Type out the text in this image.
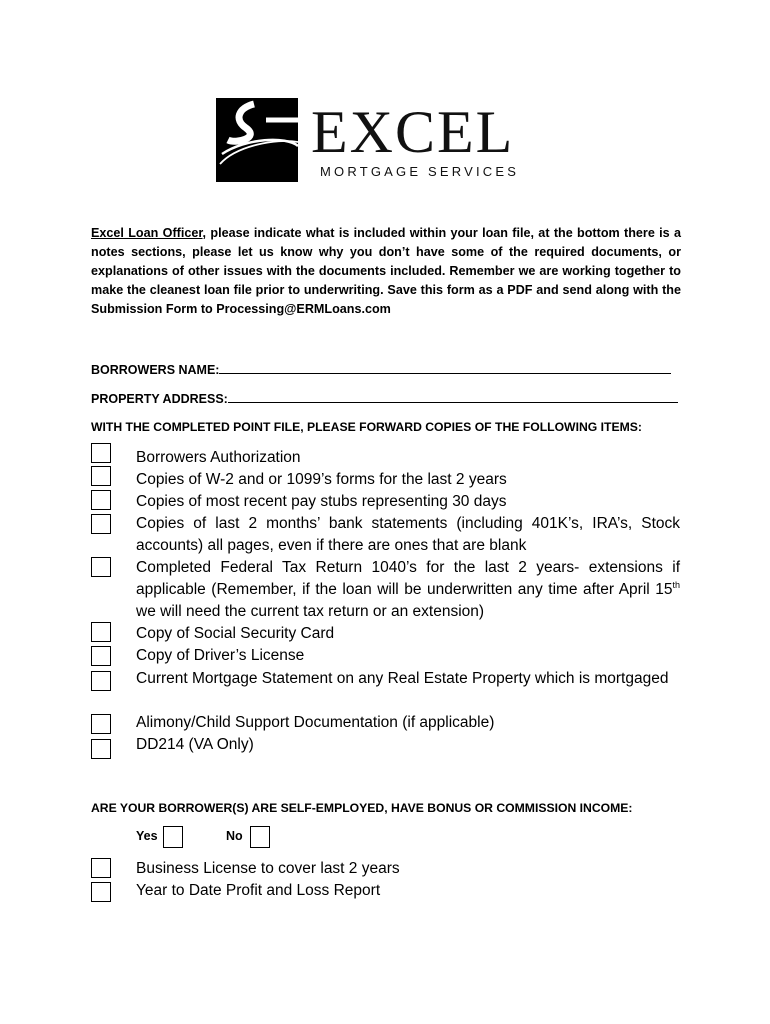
EXCEL
MORTGAGE SERVICES
Excel Loan Officer, please indicate what is included within your loan file, at the bottom there is a notes sections, please let us know why you don’t have some of the required documents, or explanations of other issues with the documents included. Remember we are working together to make the cleanest loan file prior to underwriting. Save this form as a PDF and send along with the Submission Form to Processing@ERMLoans.com
BORROWERS NAME:
PROPERTY ADDRESS:
WITH THE COMPLETED POINT FILE, PLEASE FORWARD COPIES OF THE FOLLOWING ITEMS:
Borrowers Authorization
Copies of W-2 and or 1099’s forms for the last 2 years
Copies of most recent pay stubs representing 30 days
Copies of last 2 months’ bank statements (including 401K’s, IRA’s, Stock accounts) all pages, even if there are ones that are blank
Completed Federal Tax Return 1040’s for the last 2 years- extensions if applicable (Remember, if the loan will be underwritten any time after April 15th we will need the current tax return or an extension)
Copy of Social Security Card
Copy of Driver’s License
Current Mortgage Statement on any Real Estate Property which is mortgaged
Alimony/Child Support Documentation (if applicable)
DD214 (VA Only)
ARE YOUR BORROWER(S) ARE SELF-EMPLOYED, HAVE BONUS OR COMMISSION INCOME:
Yes	No
Business License to cover last 2 years
Year to Date Profit and Loss Report
